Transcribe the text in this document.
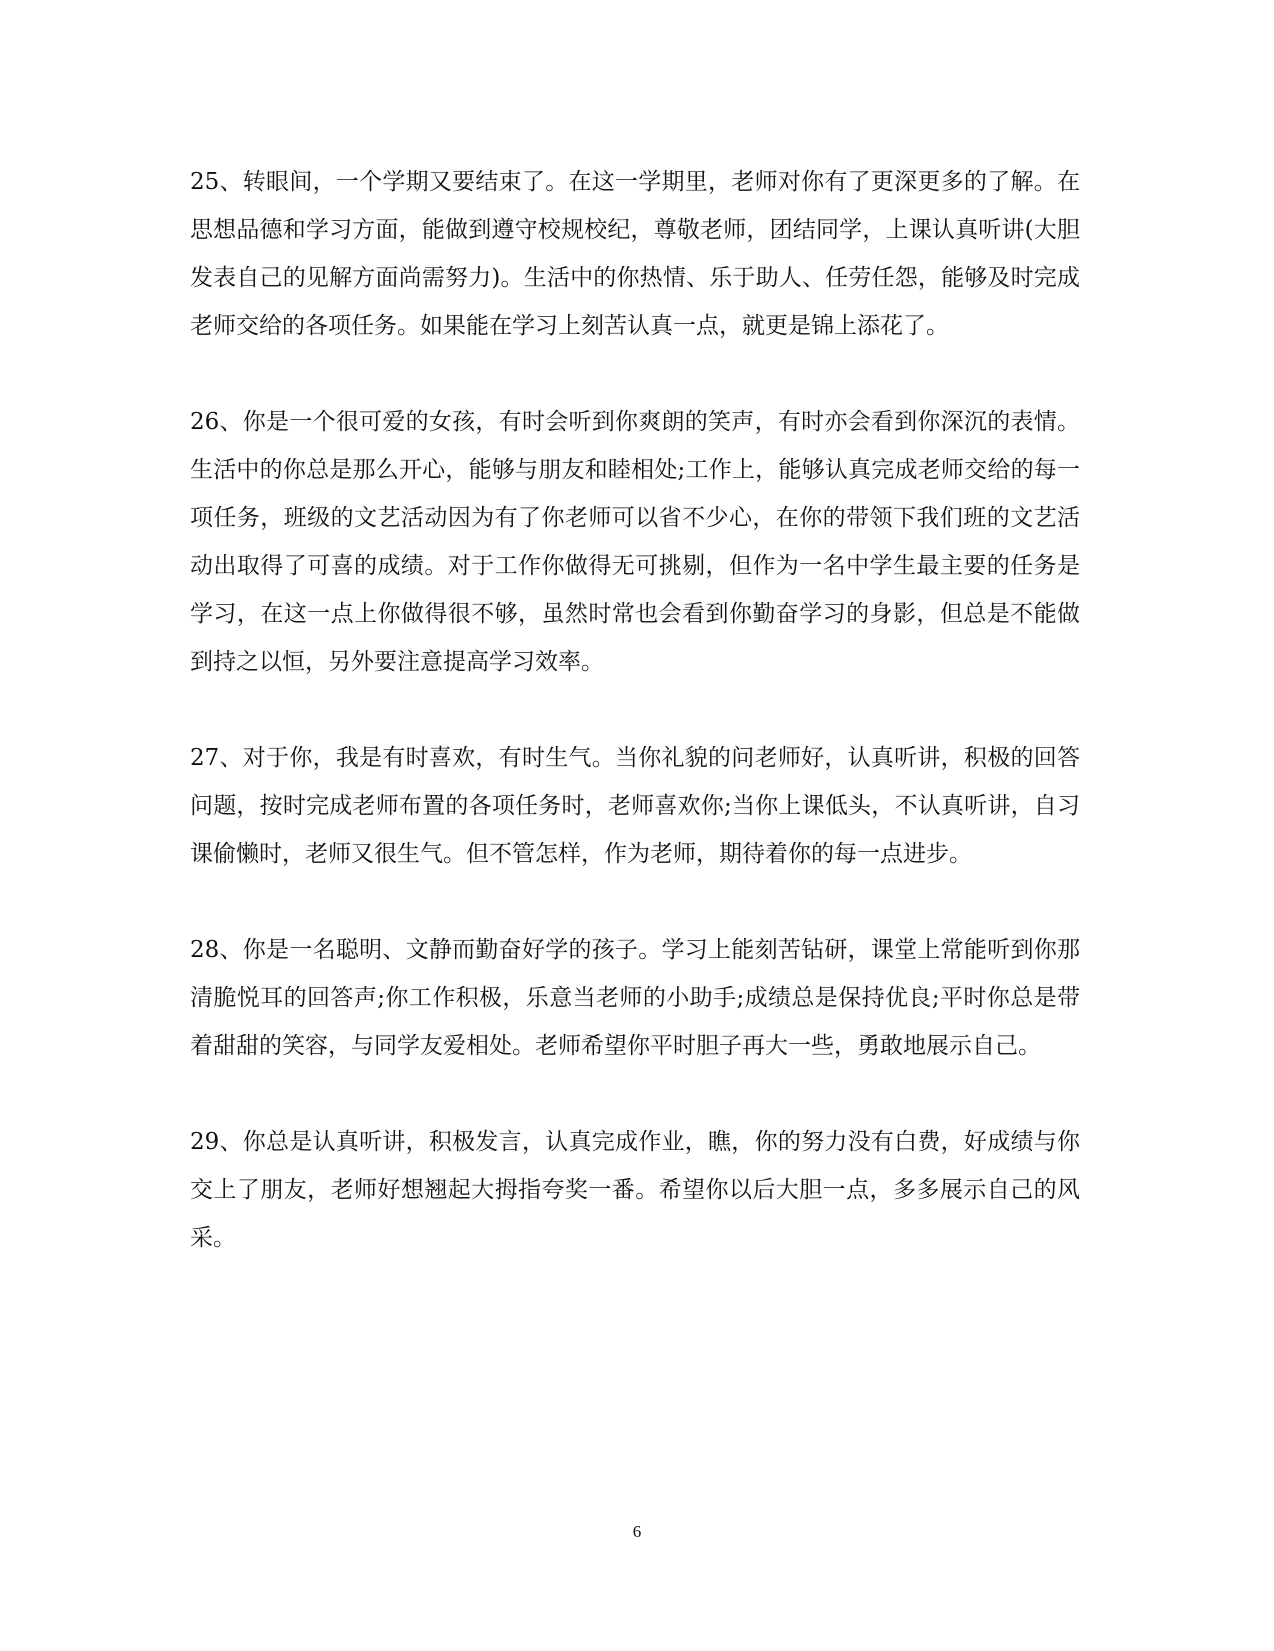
25、转眼间，一个学期又要结束了。在这一学期里，老师对你有了更深更多的了解。在思想品德和学习方面，能做到遵守校规校纪，尊敬老师，团结同学，上课认真听讲(大胆发表自己的见解方面尚需努力)。生活中的你热情、乐于助人、任劳任怨，能够及时完成老师交给的各项任务。如果能在学习上刻苦认真一点，就更是锦上添花了。

26、你是一个很可爱的女孩，有时会听到你爽朗的笑声，有时亦会看到你深沉的表情。生活中的你总是那么开心，能够与朋友和睦相处;工作上，能够认真完成老师交给的每一项任务，班级的文艺活动因为有了你老师可以省不少心，在你的带领下我们班的文艺活动出取得了可喜的成绩。对于工作你做得无可挑剔，但作为一名中学生最主要的任务是学习，在这一点上你做得很不够，虽然时常也会看到你勤奋学习的身影，但总是不能做到持之以恒，另外要注意提高学习效率。

27、对于你，我是有时喜欢，有时生气。当你礼貌的问老师好，认真听讲，积极的回答问题，按时完成老师布置的各项任务时，老师喜欢你;当你上课低头，不认真听讲，自习课偷懒时，老师又很生气。但不管怎样，作为老师，期待着你的每一点进步。

28、你是一名聪明、文静而勤奋好学的孩子。学习上能刻苦钻研，课堂上常能听到你那清脆悦耳的回答声;你工作积极，乐意当老师的小助手;成绩总是保持优良;平时你总是带着甜甜的笑容，与同学友爱相处。老师希望你平时胆子再大一些，勇敢地展示自己。

29、你总是认真听讲，积极发言，认真完成作业，瞧，你的努力没有白费，好成绩与你交上了朋友，老师好想翘起大拇指夸奖一番。希望你以后大胆一点，多多展示自己的风采。

6
